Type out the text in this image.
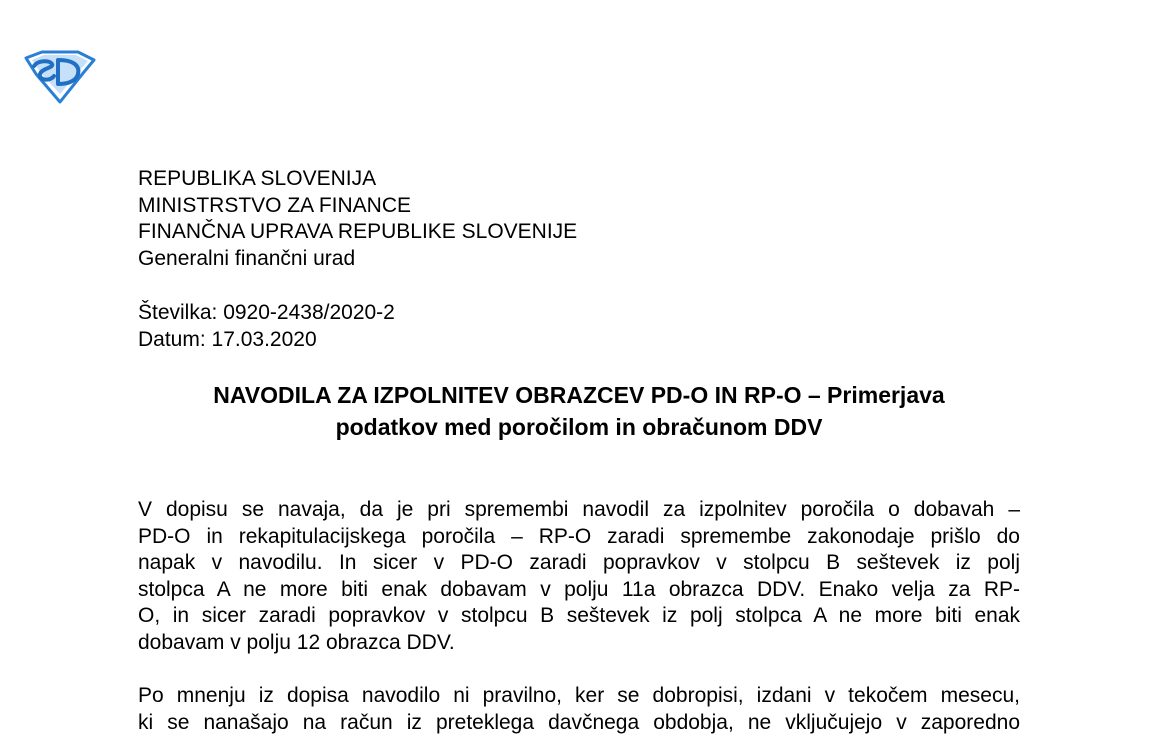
REPUBLIKA SLOVENIJA
MINISTRSTVO ZA FINANCE
FINANČNA UPRAVA REPUBLIKE SLOVENIJE
Generalni finančni urad
Številka: 0920-2438/2020-2
Datum: 17.03.2020
NAVODILA ZA IZPOLNITEV OBRAZCEV PD-O IN RP-O – Primerjava
podatkov med poročilom in obračunom DDV
V dopisu se navaja, da je pri spremembi navodil za izpolnitev poročila o dobavah –
PD-O in rekapitulacijskega poročila – RP-O zaradi spremembe zakonodaje prišlo do
napak v navodilu. In sicer v PD-O zaradi popravkov v stolpcu B seštevek iz polj
stolpca A ne more biti enak dobavam v polju 11a obrazca DDV. Enako velja za RP-
O, in sicer zaradi popravkov v stolpcu B seštevek iz polj stolpca A ne more biti enak
dobavam v polju 12 obrazca DDV.
Po mnenju iz dopisa navodilo ni pravilno, ker se dobropisi, izdani v tekočem mesecu,
ki se nanašajo na račun iz preteklega davčnega obdobja, ne vključujejo v zaporedno
